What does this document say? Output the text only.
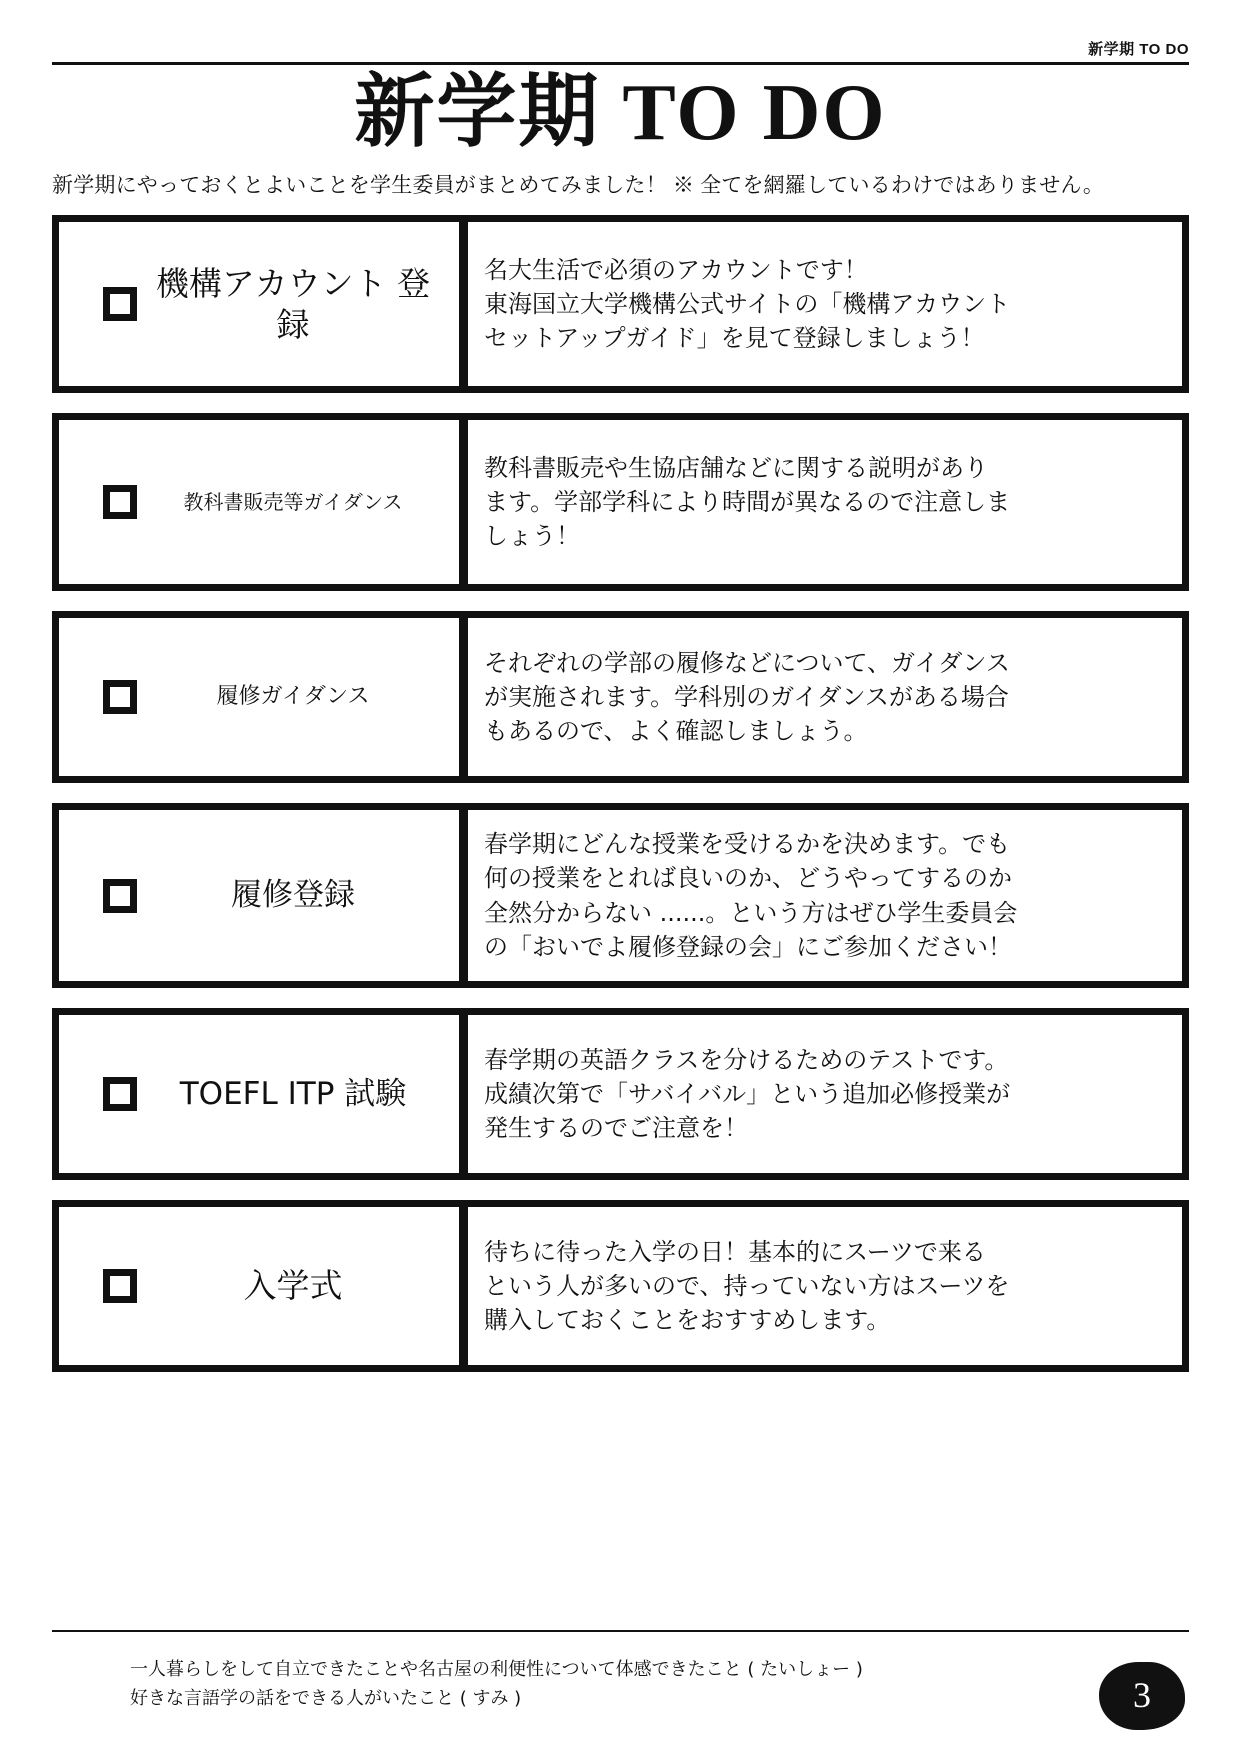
新学期 TO DO
新学期 TO DO

新学期にやっておくとよいことを学生委員がまとめてみました！ ※ 全てを網羅しているわけではありません。

機構アカウント 登録
名大生活で必須のアカウントです！
東海国立大学機構公式サイトの「機構アカウント
セットアップガイド」を見て登録しましょう！
教科書販売等ガイダンス
教科書販売や生協店舗などに関する説明があり
ます。学部学科により時間が異なるので注意しま
しょう！
履修ガイダンス
それぞれの学部の履修などについて、ガイダンス
が実施されます。学科別のガイダンスがある場合
もあるので、よく確認しましょう。
履修登録
春学期にどんな授業を受けるかを決めます。でも
何の授業をとれば良いのか、どうやってするのか
全然分からない ......。という方はぜひ学生委員会
の「おいでよ履修登録の会」にご参加ください！
TOEFL ITP 試験
春学期の英語クラスを分けるためのテストです。
成績次第で「サバイバル」という追加必修授業が
発生するのでご注意を！
入学式
待ちに待った入学の日！基本的にスーツで来る
という人が多いので、持っていない方はスーツを
購入しておくことをおすすめします。
一人暮らしをして自立できたことや名古屋の利便性について体感できたこと ( たいしょー )
好きな言語学の話をできる人がいたこと ( すみ )	3
